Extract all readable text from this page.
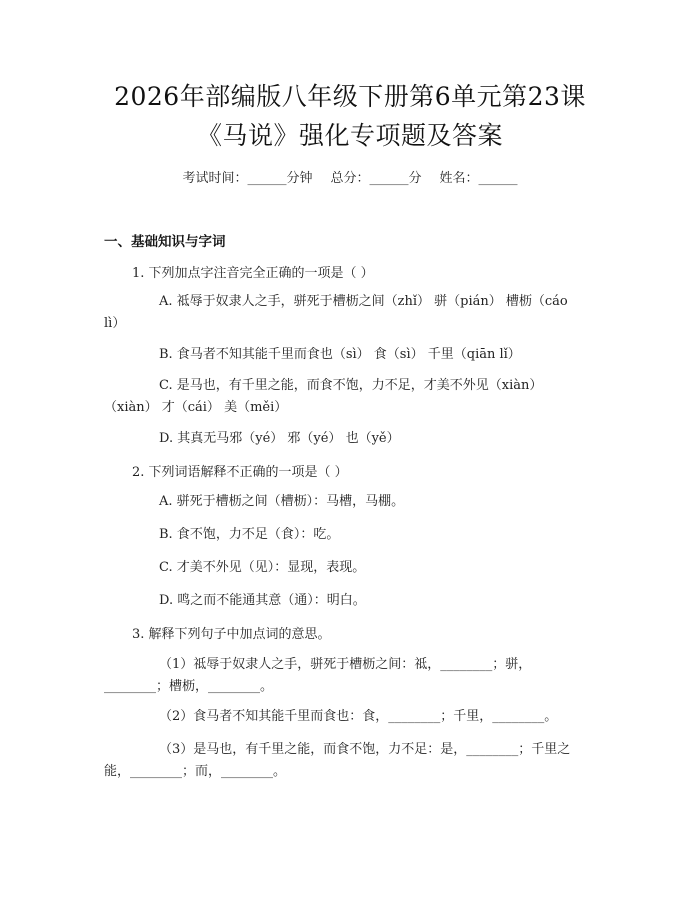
2026年部编版八年级下册第6单元第23课
《马说》强化专项题及答案
考试时间：______分钟 总分：______分 姓名：______
一、基础知识与字词
1. 下列加点字注音完全正确的一项是（ ）
A. 祗辱于奴隶人之手，骈死于槽枥之间（zhǐ） 骈（pián） 槽枥（cáo lì）
B. 食马者不知其能千里而食也（sì） 食（sì） 千里（qiān lǐ）
C. 是马也，有千里之能，而食不饱，力不足，才美不外见（xiàn）（xiàn） 才（cái） 美（měi）
D. 其真无马邪（yé） 邪（yé） 也（yě）
2. 下列词语解释不正确的一项是（ ）
A. 骈死于槽枥之间（槽枥）：马槽，马棚。
B. 食不饱，力不足（食）：吃。
C. 才美不外见（见）：显现，表现。
D. 鸣之而不能通其意（通）：明白。
3. 解释下列句子中加点词的意思。
（1）祗辱于奴隶人之手，骈死于槽枥之间：祗，________；骈，________；槽枥，________。
（2）食马者不知其能千里而食也：食，________；千里，________。
（3）是马也，有千里之能，而食不饱，力不足：是，________；千里之能，________；而，________。
